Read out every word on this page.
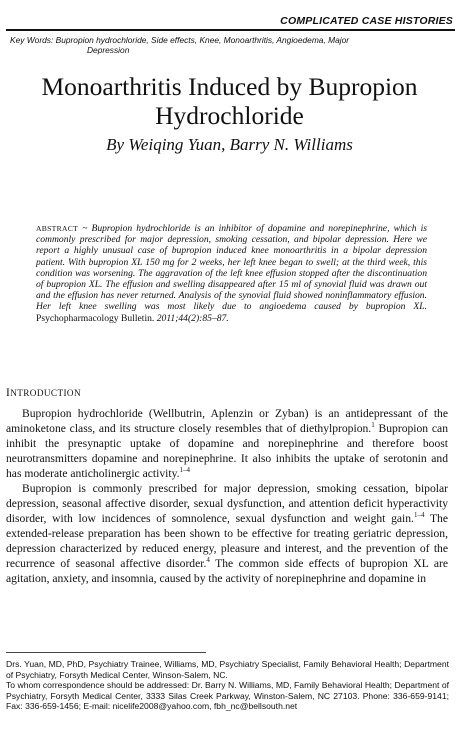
COMPLICATED CASE HISTORIES
Key Words: Bupropion hydrochloride, Side effects, Knee, Monoarthritis, Angioedema, Major
Depression
Monoarthritis Induced by Bupropion
Hydrochloride
By Weiqing Yuan, Barry N. Williams
ABSTRACT ~ Bupropion hydrochloride is an inhibitor of dopamine and norepinephrine, which is commonly prescribed for major depression, smoking cessation, and bipolar depression. Here we report a highly unusual case of bupropion induced knee monoarthritis in a bipolar depression patient. With bupropion XL 150 mg for 2 weeks, her left knee began to swell; at the third week, this condition was worsening. The aggravation of the left knee effusion stopped after the discontinuation of bupropion XL. The effusion and swelling disappeared after 15 ml of synovial fluid was drawn out and the effusion has never returned. Analysis of the synovial fluid showed noninflammatory effusion. Her left knee swelling was most likely due to angioedema caused by bupropion XL. Psychopharmacology Bulletin. 2011;44(2):85–87.
INTRODUCTION

Bupropion hydrochloride (Wellbutrin, Aplenzin or Zyban) is an antidepressant of the aminoketone class, and its structure closely resembles that of diethylpropion.$^1$ Bupropion can inhibit the presynaptic uptake of dopamine and norepinephrine and therefore boost neurotransmitters dopamine and norepinephrine. It also inhibits the uptake of serotonin and has moderate anticholinergic activity.$^{1-4}$

Bupropion is commonly prescribed for major depression, smoking cessation, bipolar depression, seasonal affective disorder, sexual dysfunction, and attention deficit hyperactivity disorder, with low incidences of somnolence, sexual dysfunction and weight gain.$^{1-4}$ The extended-release preparation has been shown to be effective for treating geriatric depression, depression characterized by reduced energy, pleasure and interest, and the prevention of the recurrence of seasonal affective disorder.$^4$ The common side effects of bupropion XL are agitation, anxiety, and insomnia, caused by the activity of norepinephrine and dopamine in

Drs. Yuan, MD, PhD, Psychiatry Trainee, Williams, MD, Psychiatry Specialist, Family Behavioral Health; Department of Psychiatry, Forsyth Medical Center, Winson-Salem, NC.

To whom correspondence should be addressed: Dr. Barry N. Williams, MD, Family Behavioral Health; Department of Psychiatry, Forsyth Medical Center, 3333 Silas Creek Parkway, Winston-Salem, NC 27103. Phone: 336-659-9141; Fax: 336-659-1456; E-mail: nicelife2008@yahoo.com, fbh_nc@bellsouth.net
